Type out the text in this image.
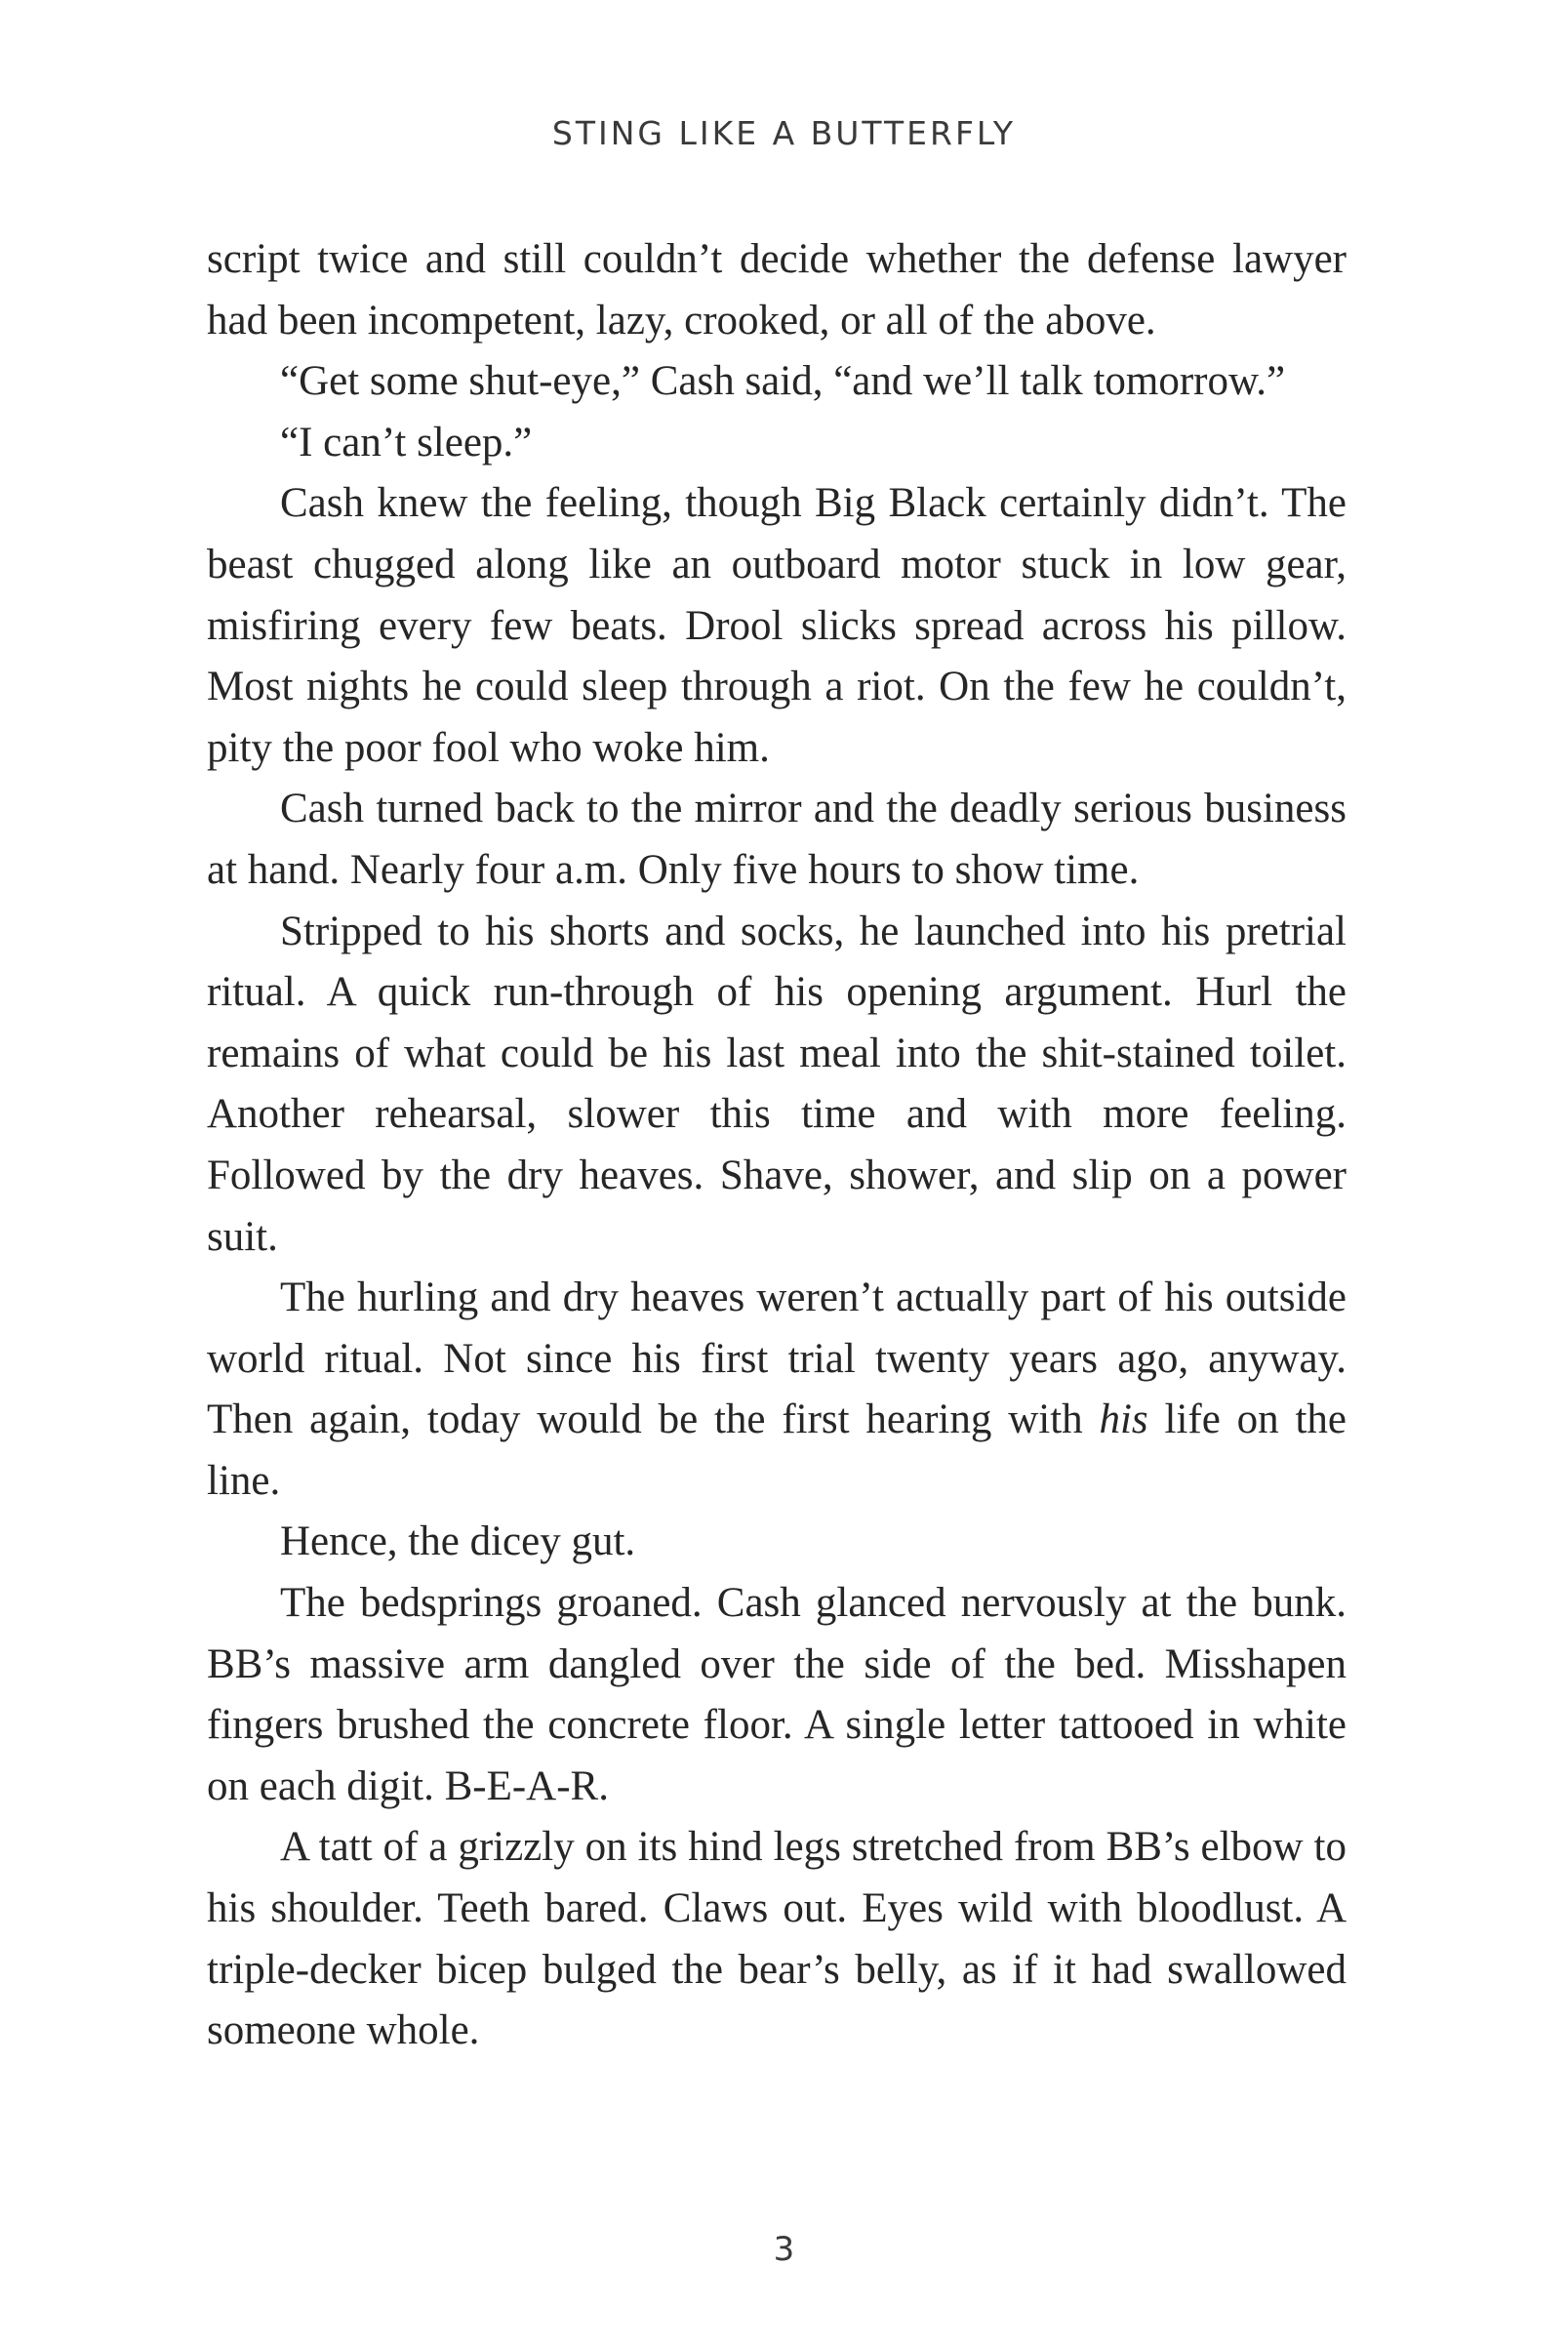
STING LIKE A BUTTERFLY

script twice and still couldn’t decide whether the defense lawyer had been incompetent, lazy, crooked, or all of the above.

“Get some shut-eye,” Cash said, “and we’ll talk tomorrow.”

“I can’t sleep.”

Cash knew the feeling, though Big Black certainly didn’t. The beast chugged along like an outboard motor stuck in low gear, misfiring every few beats. Drool slicks spread across his pillow. Most nights he could sleep through a riot. On the few he couldn’t, pity the poor fool who woke him.

Cash turned back to the mirror and the deadly serious business at hand. Nearly four a.m. Only five hours to show time.

Stripped to his shorts and socks, he launched into his pretrial ritual. A quick run-through of his opening argument. Hurl the remains of what could be his last meal into the shit-stained toilet. Another rehearsal, slower this time and with more feeling. Followed by the dry heaves. Shave, shower, and slip on a power suit.

The hurling and dry heaves weren’t actually part of his outside world ritual. Not since his first trial twenty years ago, anyway. Then again, today would be the first hearing with his life on the line.

Hence, the dicey gut.

The bedsprings groaned. Cash glanced nervously at the bunk. BB’s massive arm dangled over the side of the bed. Misshapen fingers brushed the concrete floor. A single letter tattooed in white on each digit. B-E-A-R.

A tatt of a grizzly on its hind legs stretched from BB’s elbow to his shoulder. Teeth bared. Claws out. Eyes wild with bloodlust. A triple-decker bicep bulged the bear’s belly, as if it had swallowed someone whole.

3
